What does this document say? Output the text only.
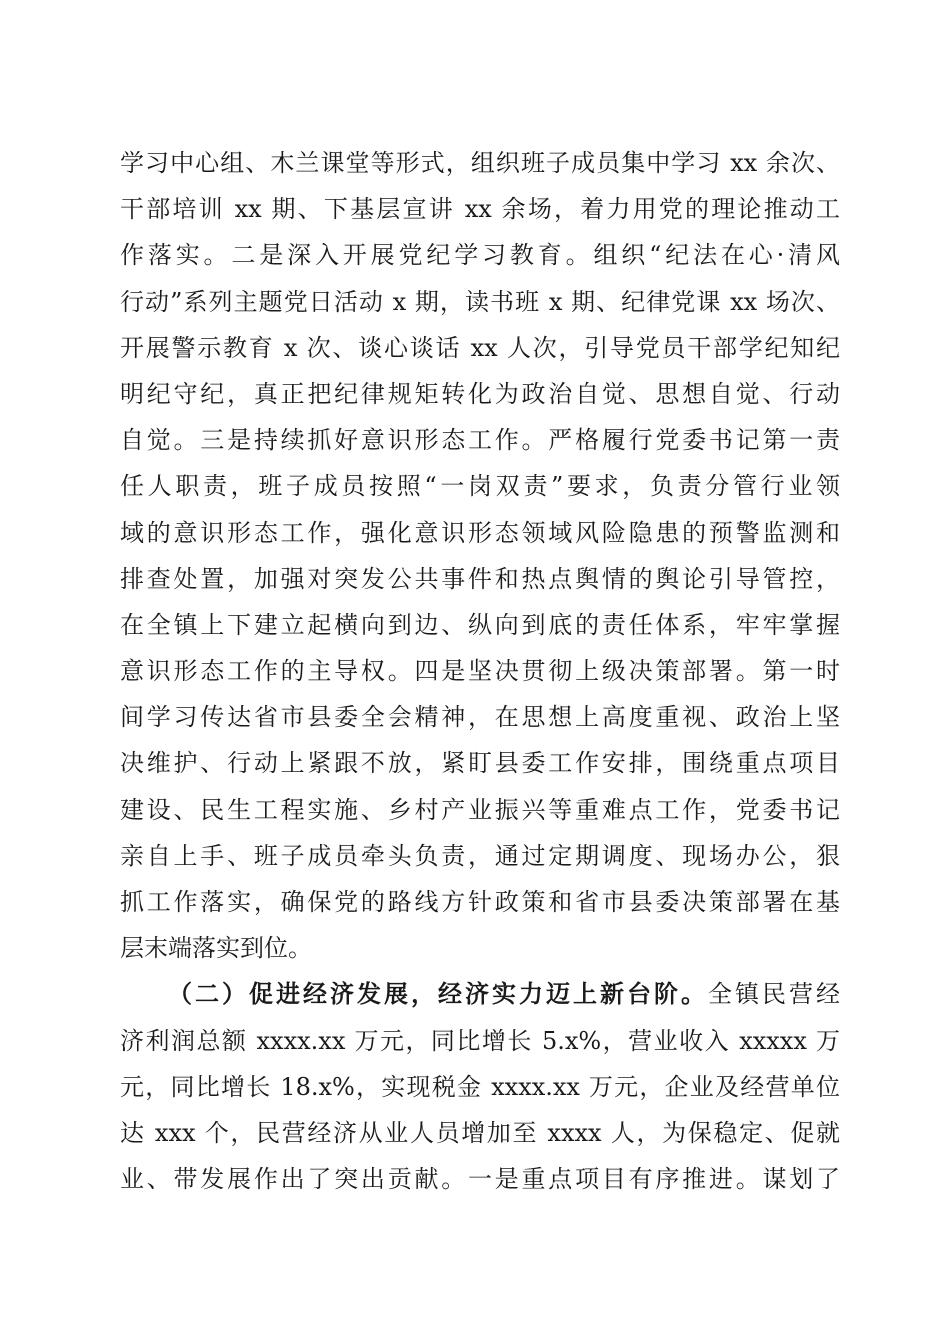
学习中心组、木兰课堂等形式，组织班子成员集中学习 xx 余次、
干部培训 xx 期、下基层宣讲 xx 余场，着力用党的理论推动工
作落实。二是深入开展党纪学习教育。组织“纪法在心·清风
行动”系列主题党日活动 x 期，读书班 x 期、纪律党课 xx 场次、
开展警示教育 x 次、谈心谈话 xx 人次，引导党员干部学纪知纪
明纪守纪，真正把纪律规矩转化为政治自觉、思想自觉、行动
自觉。三是持续抓好意识形态工作。严格履行党委书记第一责
任人职责，班子成员按照“一岗双责”要求，负责分管行业领
域的意识形态工作，强化意识形态领域风险隐患的预警监测和
排查处置，加强对突发公共事件和热点舆情的舆论引导管控，
在全镇上下建立起横向到边、纵向到底的责任体系，牢牢掌握
意识形态工作的主导权。四是坚决贯彻上级决策部署。第一时
间学习传达省市县委全会精神，在思想上高度重视、政治上坚
决维护、行动上紧跟不放，紧盯县委工作安排，围绕重点项目
建设、民生工程实施、乡村产业振兴等重难点工作，党委书记
亲自上手、班子成员牵头负责，通过定期调度、现场办公，狠
抓工作落实，确保党的路线方针政策和省市县委决策部署在基
层末端落实到位。
（二）促进经济发展，经济实力迈上新台阶。全镇民营经
济利润总额 xxxx.xx 万元，同比增长 5.x%，营业收入 xxxxx 万
元，同比增长 18.x%，实现税金 xxxx.xx 万元，企业及经营单位
达 xxx 个，民营经济从业人员增加至 xxxx 人，为保稳定、促就
业、带发展作出了突出贡献。一是重点项目有序推进。谋划了
